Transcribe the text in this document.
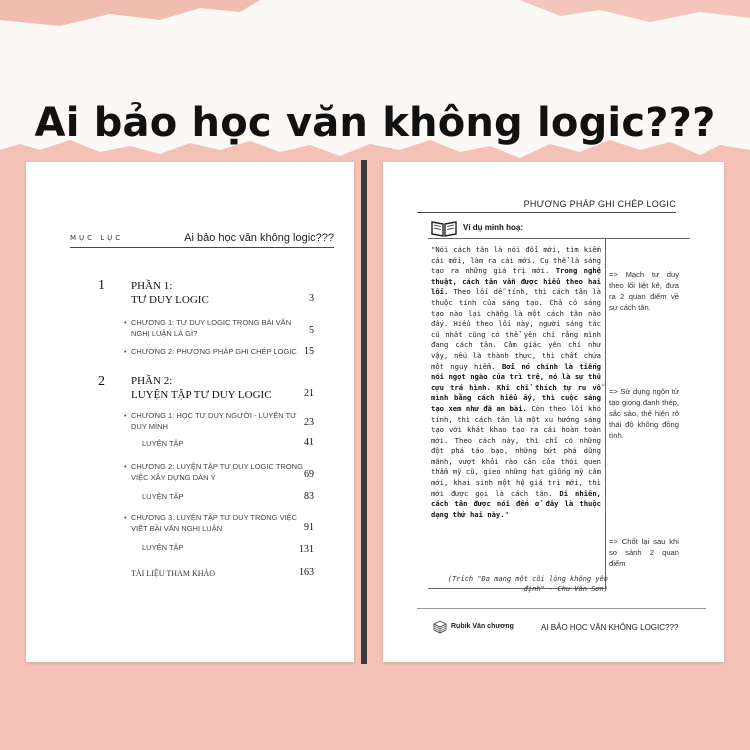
Ai bảo học văn không logic???
MỤC LỤC	Ai bảo học văn không logic???
1 PHẦN 1:
TƯ DUY LOGIC	3
• CHƯƠNG 1: TƯ DUY LOGIC TRONG BÀI VĂN NGHỊ LUẬN LÀ GÌ?	5
• CHƯƠNG 2: PHƯƠNG PHÁP GHI CHÉP LOGIC 15
2 PHẦN 2:
LUYỆN TẬP TƯ DUY LOGIC	21
• CHƯƠNG 1: HỌC TƯ DUY NGƯỜI - LUYỆN TƯ DUY MÌNH	23
LUYỆN TẬP	41
• CHƯƠNG 2: LUYỆN TẬP TƯ DUY LOGIC TRONG VIỆC XÂY DỰNG DÀN Ý	69
LUYỆN TẬP	83
• CHƯƠNG 3: LUYỆN TẬP TƯ DUY TRONG VIỆC VIẾT BÀI VĂN NGHỊ LUẬN	91
LUYỆN TẬP	131
TÀI LIỆU THAM KHẢO	163
PHƯƠNG PHÁP GHI CHÉP LOGIC
Ví dụ minh hoạ:
"Nói cách tân là nói đổi mới, tìm kiếm cái mới, làm ra cái mới. Cụ thể là sáng tạo ra những giá trị mới. Trong nghệ thuật, cách tân vẫn được hiểu theo hai lối. Theo lối dễ tính, thì cách tân là thuộc tính của sáng tạo. Chả có sáng tạo nào lại chẳng là một cách tân nào đấy. Hiểu theo lối này, người sáng tác cũ nhất cũng có thể yên chí rằng mình đang cách tân. Cảm giác yên chí như vậy, nếu là thành thực, thì chất chứa một nguy hiểm. Bởi nó chính là tiếng nói ngọt ngào của trì trệ, nó là sự thủ cựu trá hình. Khi chỉ thích tự ru vỗ mình bằng cách hiểu ấy, thì cuộc sáng tạo xem như đã an bài. Còn theo lối khó tính, thì cách tân là một xu hướng sáng tạo với khát khao tạo ra cái hoàn toàn mới. Theo cách này, thì chỉ có những đột phá táo bạo, những bứt phá dũng mãnh, vượt khỏi rào cản của thói quen thẩm mỹ cũ, gieo những hạt giống mỹ cảm mới, khai sinh một hệ giá trị mới, thì mới được gọi là cách tân. Dĩ nhiên, cách tân được nói đến ở đây là thuộc dạng thứ hai này."
(Trích "Đa mang một cõi lòng không yên định" - Chu Văn Sơn)
=> Mạch tư duy theo lối liệt kê, đưa ra 2 quan điểm về sự cách tân.
=> Sử dụng ngôn từ tạo giọng đanh thép, sắc sảo, thể hiện rõ thái độ không đồng tình.
=> Chốt lại sau khi so sánh 2 quan điểm
Rubik Văn chương	AI BẢO HỌC VĂN KHÔNG LOGIC???
